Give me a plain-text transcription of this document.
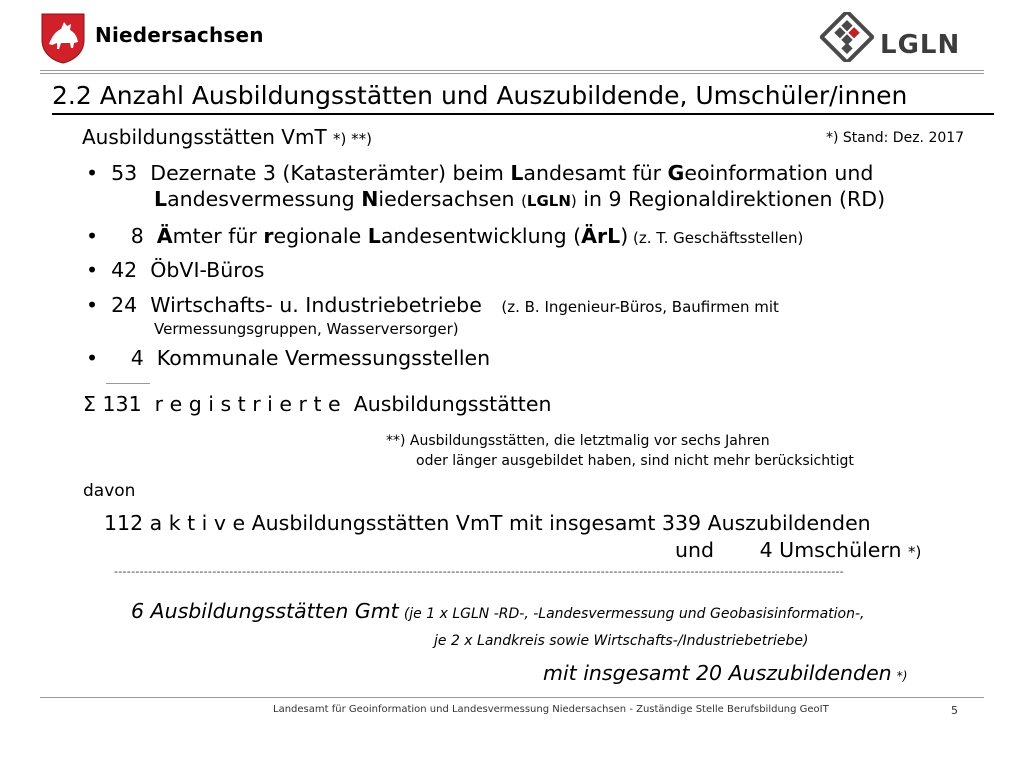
Niedersachsen	LGLN
2.2 Anzahl Ausbildungsstätten und Auszubildende, Umschüler/innen
Ausbildungsstätten VmT *) **)	*) Stand: Dez. 2017
• 53 Dezernate 3 (Katasterämter) beim Landesamt für Geoinformation und
Landesvermessung Niedersachsen (LGLN) in 9 Regionaldirektionen (RD)
• 8 Ämter für regionale Landesentwicklung (ÄrL) (z. T. Geschäftsstellen)
• 42 ÖbVI-Büros
• 24 Wirtschafts- u. Industriebetriebe (z. B. Ingenieur-Büros, Baufirmen mit
Vermessungsgruppen, Wasserversorger)
• 4 Kommunale Vermessungsstellen
Σ 131 r e g i s t r i e r t e Ausbildungsstätten
**) Ausbildungsstätten, die letztmalig vor sechs Jahren
oder länger ausgebildet haben, sind nicht mehr berücksichtigt
davon
112 a k t i v e Ausbildungsstätten VmT mit insgesamt 339 Auszubildenden
und 4 Umschülern *)
---------------------------------------------------------------------------------------------------------------------------------------------------------------------------
6 Ausbildungsstätten Gmt (je 1 x LGLN -RD-, -Landesvermessung und Geobasisinformation-,
je 2 x Landkreis sowie Wirtschafts-/Industriebetriebe)
mit insgesamt 20 Auszubildenden *)
Landesamt für Geoinformation und Landesvermessung Niedersachsen - Zuständige Stelle Berufsbildung GeoIT	5
